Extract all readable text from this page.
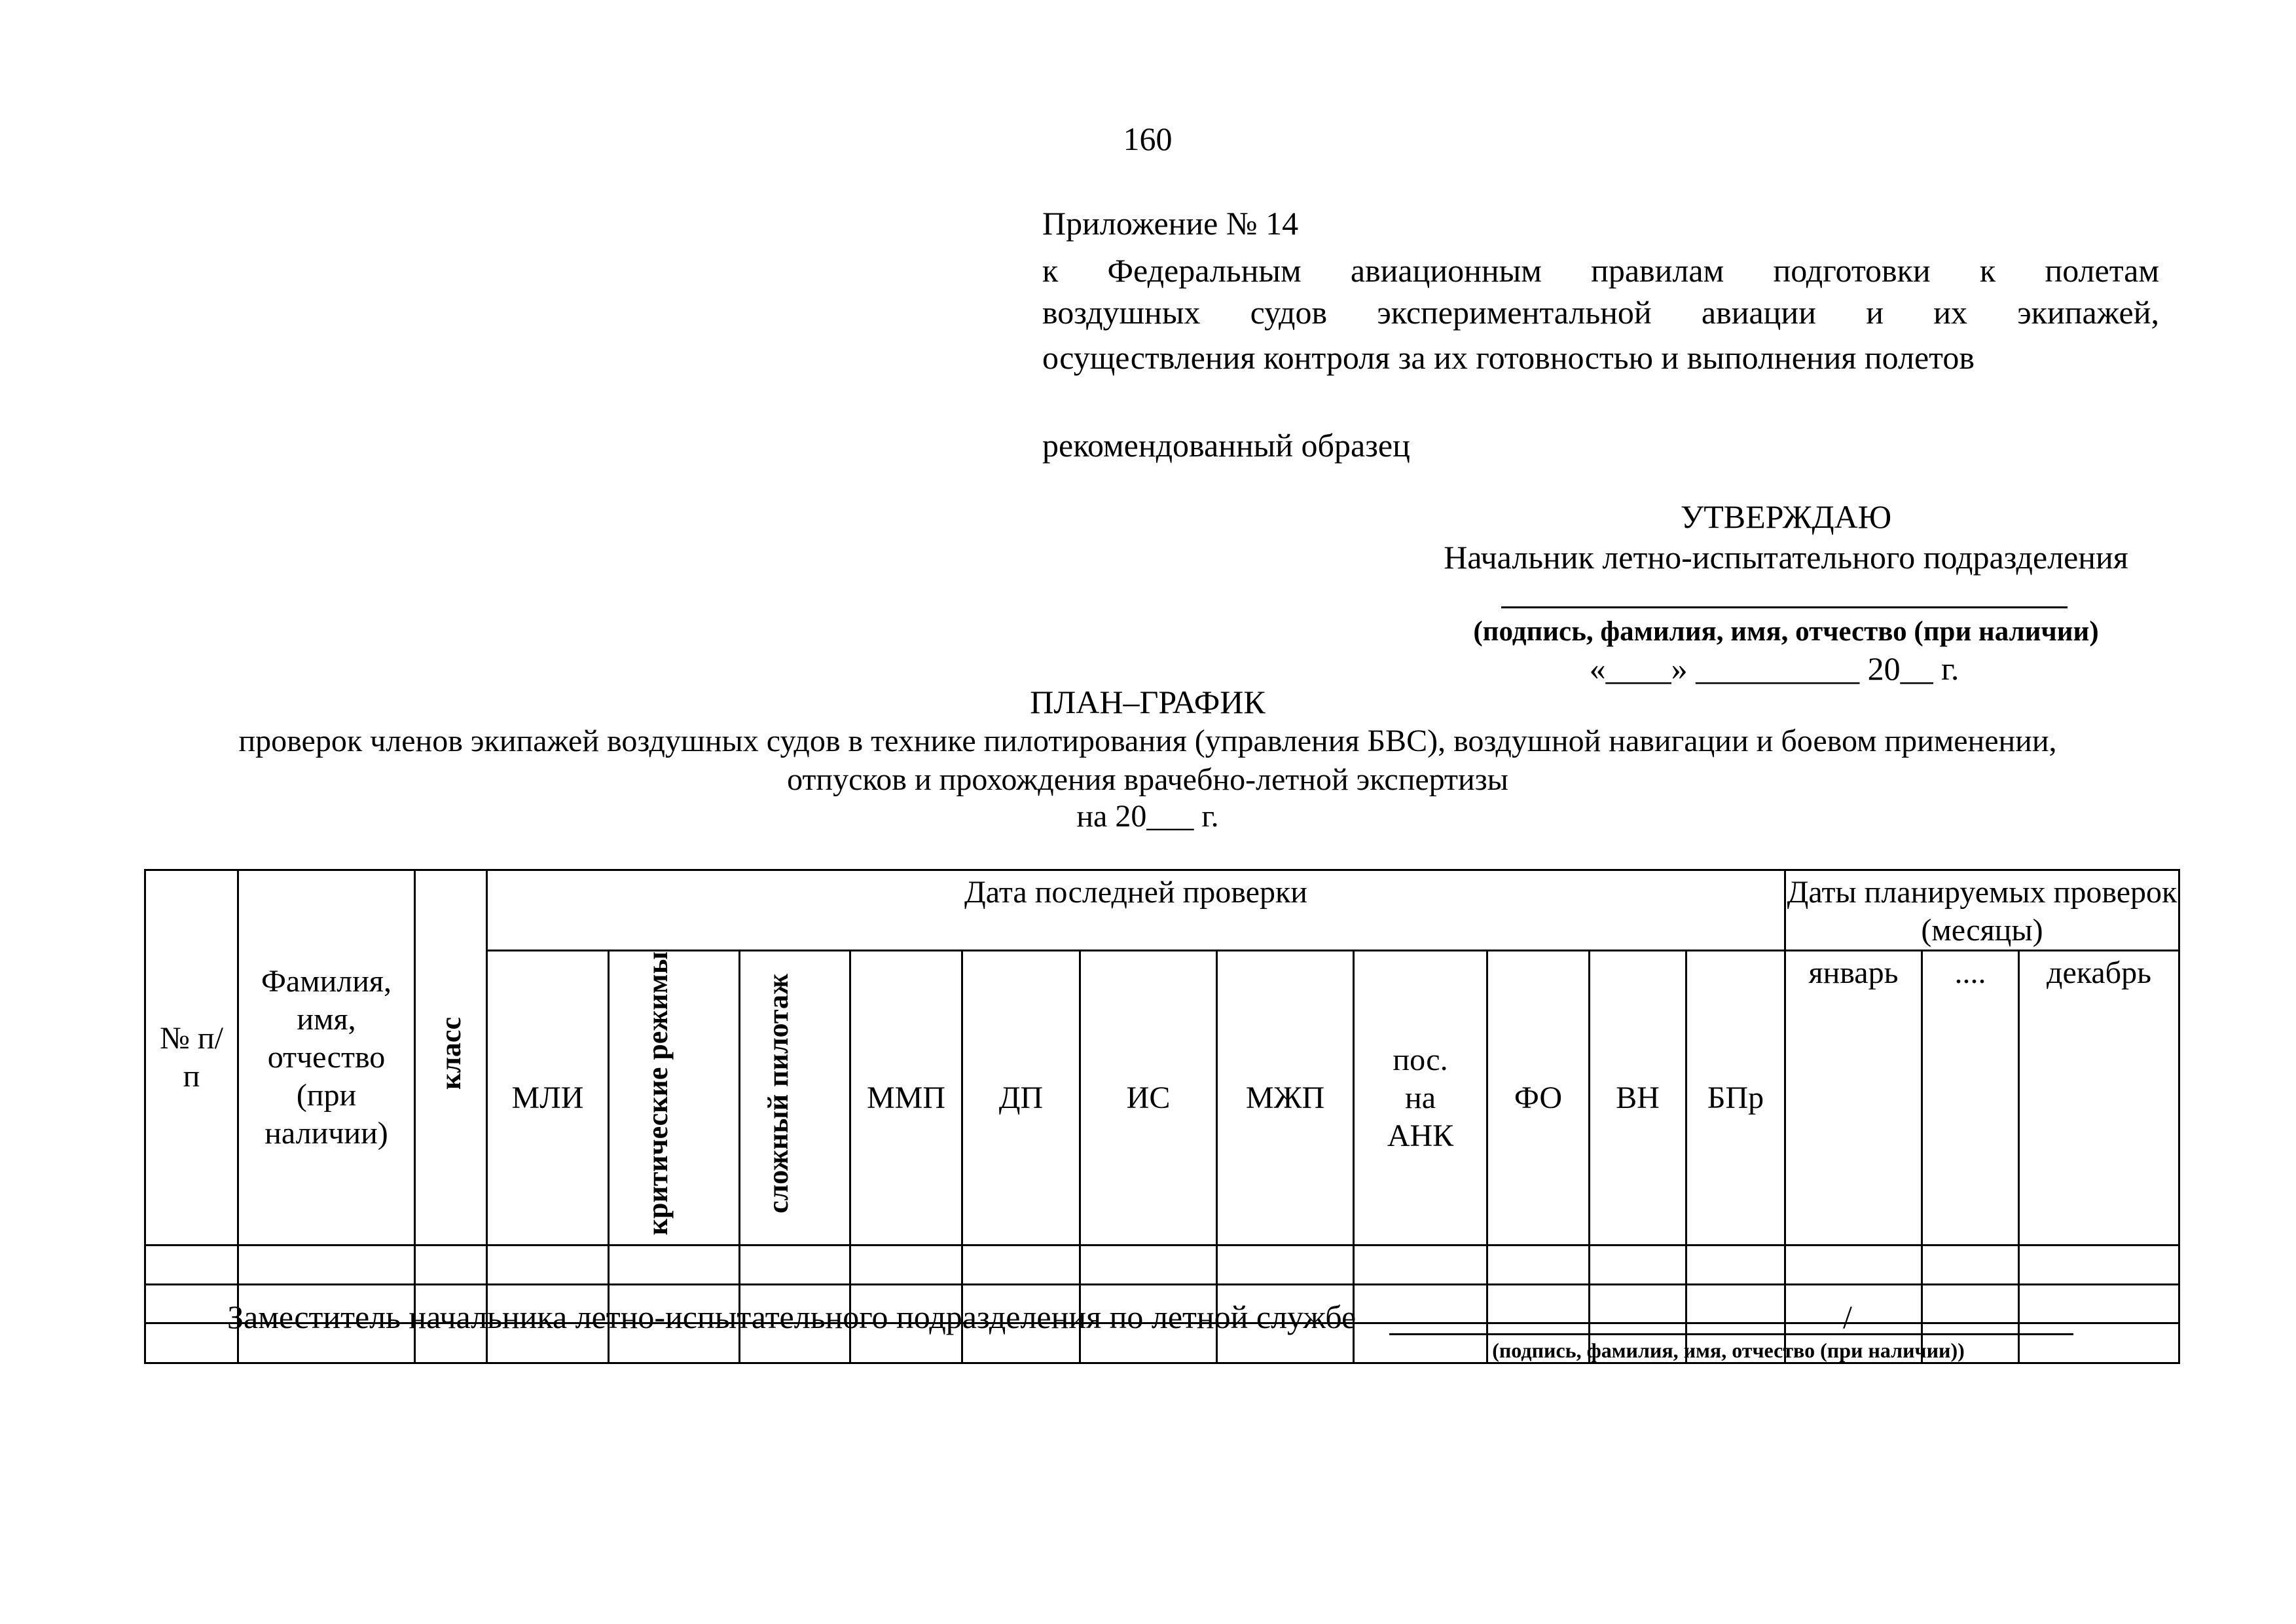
160
Приложение № 14
к Федеральным авиационным правилам подготовки к полетам
воздушных судов экспериментальной авиации и их экипажей,
осуществления контроля за их готовностью и выполнения полетов
рекомендованный образец
УТВЕРЖДАЮ
Начальник летно-испытательного подразделения
(подпись, фамилия, имя, отчество (при наличии)
«____» __________ 20__ г.
ПЛАН–ГРАФИК
проверок членов экипажей воздушных судов в технике пилотирования (управления БВС), воздушной навигации и боевом применении,
отпусков и прохождения врачебно-летной экспертизы
на 20___ г.
№ п/п	Фамилия, имя, отчество (при наличии)	класс	Дата последней проверки											Даты планируемых проверок (месяцы)		
			МЛИ	критические режимы	сложный пилотаж	ММП	ДП	ИС	МЖП	пос. на АНК	ФО	ВН	БПр	январь	....	декабрь

Заместитель начальника летно-испытательного подразделения по летной службе	/
(подпись, фамилия, имя, отчество (при наличии))
